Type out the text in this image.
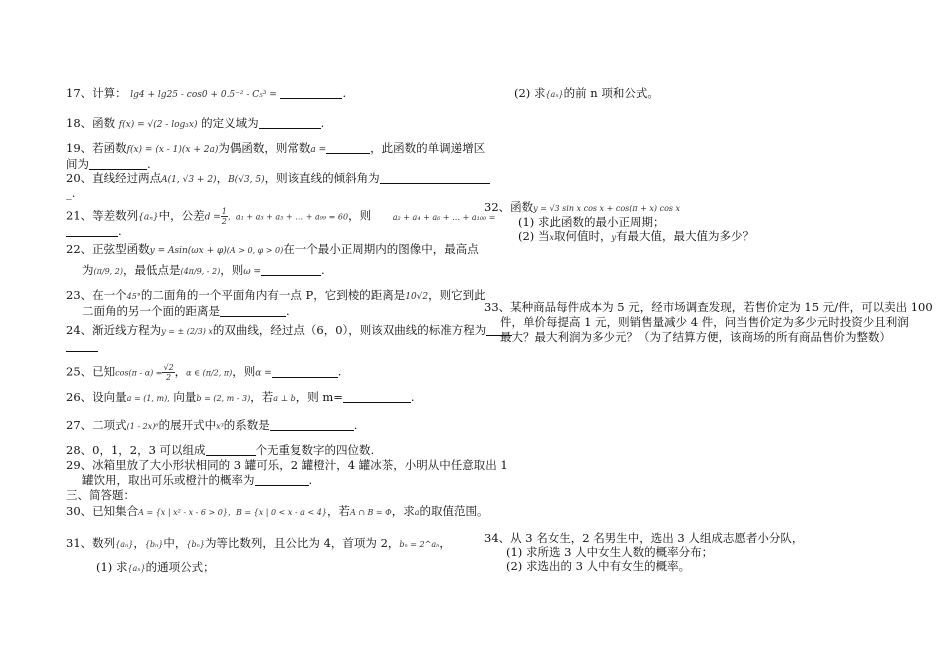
17、计算： lg4 + lg25 - cos0 + 0.5⁻² - C₅³ =	.
18、函数 f(x) = √(2 - log₃x) 的定义域为	.
19、若函数f(x) = (x - 1)(x + 2a)为偶函数，则常数a =	，此函数的单调递增区
间为	.
20、直线经过两点A(1, √3 + 2)，B(√3, 5)，则该直线的倾斜角为
_.
21、等差数列{aₙ}中，公差$d = \frac{1}{2}$ ，a₁ + a₃ + a₅ + … + a₉₉ = 60，则	a₂ + a₄ + a₆ + … + a₁₀₀ =
.
22、正弦型函数y = Asin(ωx + φ)(A > 0, φ > 0)在一个最小正周期内的图像中，最高点
为(π/9, 2)，最低点是(4π/9, - 2)，则ω =	.
23、在一个45°的二面角的一个平面角内有一点 P，它到棱的距离是10√2，则它到此
二面角的另一个面的距离是	.
24、渐近线方程为y = ± (2/3) x的双曲线，经过点（6，0），则该双曲线的标准方程为
25、已知$\cos(\pi - \alpha) = \frac{√2}{2}$ ，α ∈ (π/2, π)，则α =	.
26、设向量a = (1, m), 向量b = (2, m - 3)，若a ⊥ b，则 m=	.
27、二项式(1 - 2x)⁶的展开式中x³的系数是	.
28、0，1，2，3 可以组成	个无重复数字的四位数.
29、冰箱里放了大小形状相同的 3 罐可乐，2 罐橙汁，4 罐冰茶，小明从中任意取出 1
罐饮用，取出可乐或橙汁的概率为	.
三、简答题：
30、已知集合A = {x | x² - x - 6 > 0}，B = {x | 0 < x - a < 4}，若A ∩ B = Φ，求a的取值范围。
31、数列{aₙ}，{bₙ}中，{bₙ}为等比数列，且公比为 4，首项为 2，bₙ = 2^aₙ，
(1) 求{aₙ}的通项公式；
(2) 求{aₙ}的前 n 项和公式。
32、函数y = √3 sin x cos x + cos(π + x) cos x
(1) 求此函数的最小正周期；
(2) 当x取何值时，y有最大值，最大值为多少？
33、某种商品每件成本为 5 元，经市场调查发现，若售价定为 15 元/件，可以卖出 100
件，单价每提高 1 元，则销售量减少 4 件，问当售价定为多少元时投资少且利润
最大？最大利润为多少元？（为了结算方便，该商场的所有商品售价为整数）
34、从 3 名女生，2 名男生中，选出 3 人组成志愿者小分队，
(1) 求所选 3 人中女生人数的概率分布；
(2) 求选出的 3 人中有女生的概率。
